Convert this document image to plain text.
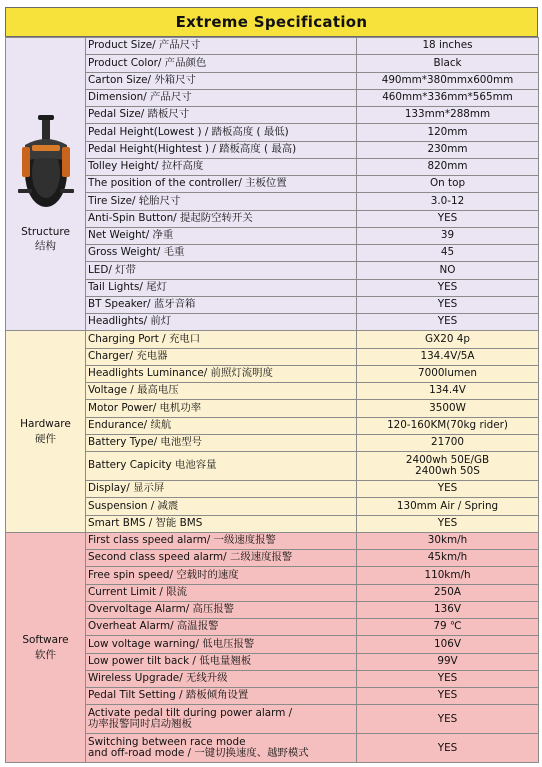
Extreme Specification
Structure
结构	Product Size/ 产品尺寸	18 inches
	Product Color/ 产品颜色	Black
	Carton Size/ 外箱尺寸	490mm*380mmx600mm
	Dimension/ 产品尺寸	460mm*336mm*565mm
	Pedal Size/ 踏板尺寸	133mm*288mm
	Pedal Height(Lowest ) / 踏板高度 ( 最低)	120mm
	Pedal Height(Hightest ) / 踏板高度 ( 最高)	230mm
	Tolley Height/ 拉杆高度	820mm
	The position of the controller/ 主板位置	On top
	Tire Size/ 轮胎尺寸	3.0-12
	Anti-Spin Button/ 提起防空转开关	YES
	Net Weight/ 净重	39
	Gross Weight/ 毛重	45
	LED/ 灯带	NO
	Tail Lights/ 尾灯	YES
	BT Speaker/ 蓝牙音箱	YES
	Headlights/ 前灯	YES

Hardware
硬件	Charging Port / 充电口	GX20 4p
	Charger/ 充电器	134.4V/5A
	Headlights Luminance/ 前照灯流明度	7000lumen
	Voltage / 最高电压	134.4V
	Motor Power/ 电机功率	3500W
	Endurance/ 续航	120-160KM(70kg rider)
	Battery Type/ 电池型号	21700
	Battery Capicity 电池容量	2400wh 50E/GB
2400wh 50S

	Display/ 显示屏	YES
	Suspension / 减震	130mm Air / Spring
	Smart BMS / 智能 BMS	YES

Software
软件	First class speed alarm/ 一级速度报警	30km/h
	Second class speed alarm/ 二级速度报警	45km/h
	Free spin speed/ 空载时的速度	110km/h
	Current Limit / 限流	250A
	Overvoltage Alarm/ 高压报警	136V
	Overheat Alarm/ 高温报警	79 ℃
	Low voltage warning/ 低电压报警	106V
	Low power tilt back / 低电量翘板	99V
	Wireless Upgrade/ 无线升级	YES
	Pedal Tilt Setting / 踏板倾角设置	YES

	Activate pedal tilt during power alarm /
功率报警同时启动翘板	YES

	Switching between race mode
and off-road mode / 一键切换速度、越野模式	YES
